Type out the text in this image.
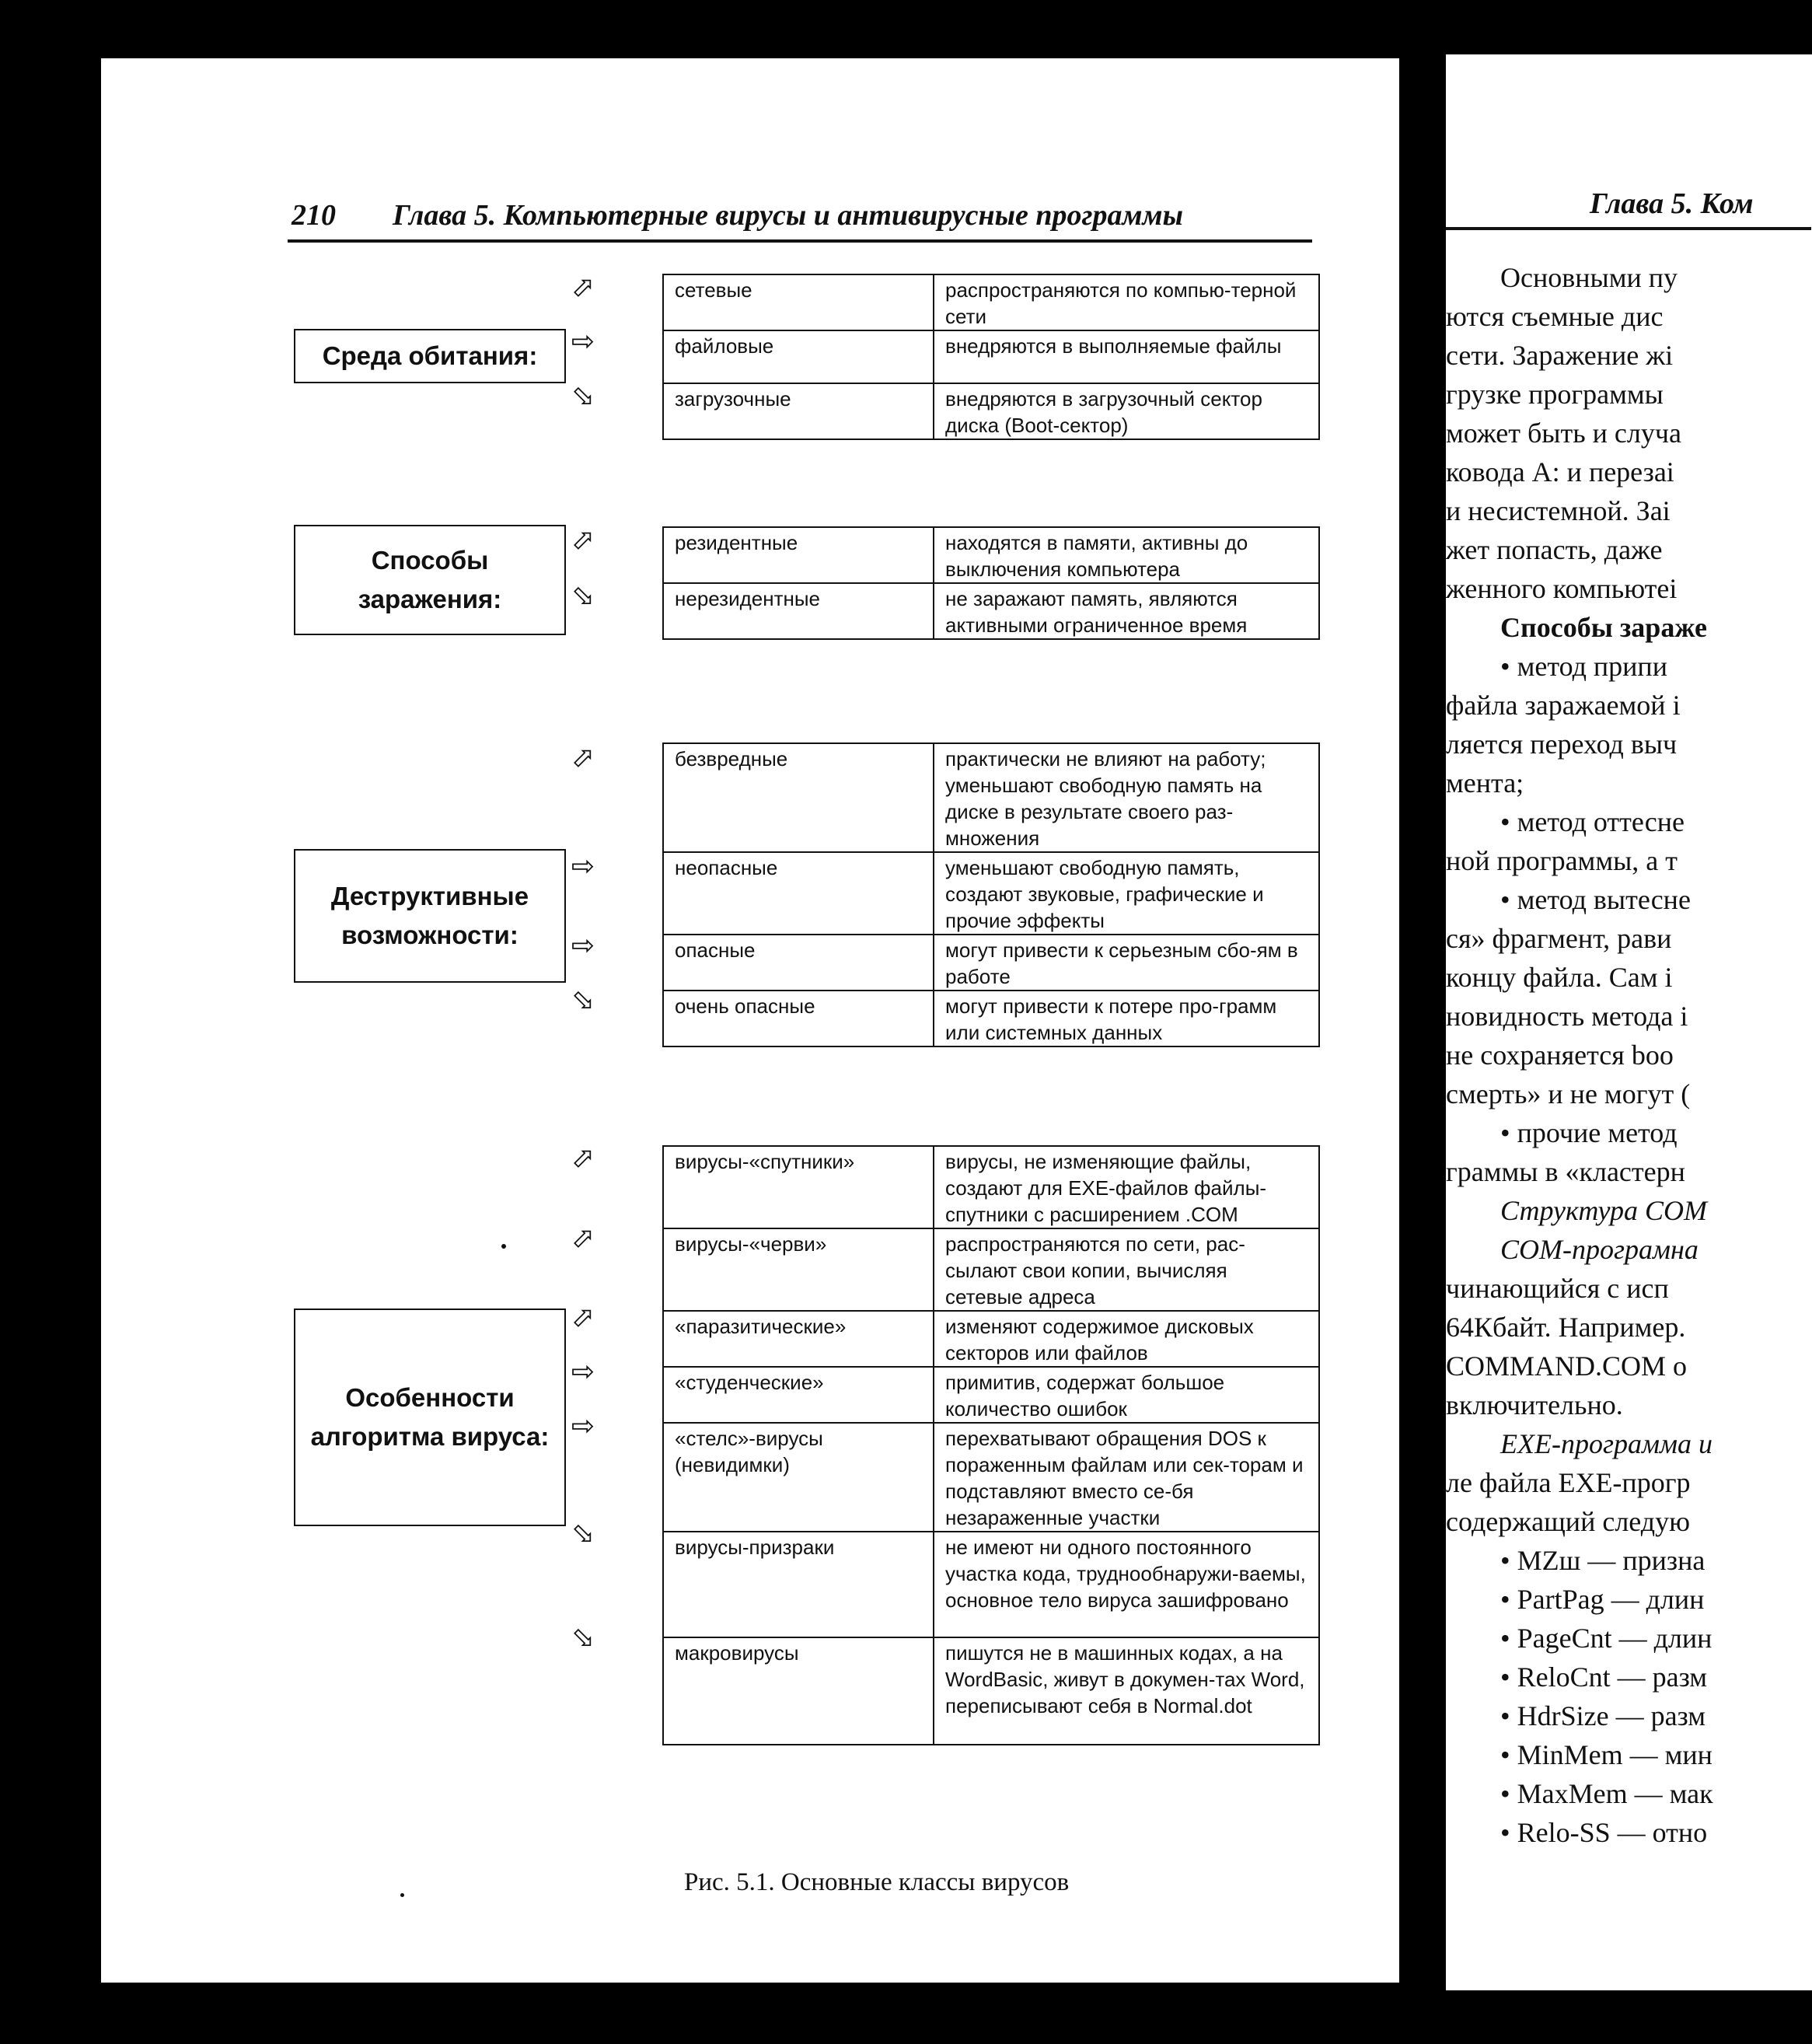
210 Глава 5. Компьютерные вирусы и антивирусные программы
Среда обитания:
⬀
⇨
⬂
сетевые	распространяются по компью-терной сети
файловые	внедряются в выполняемые файлы
загрузочные	внедряются в загрузочный сектор диска (Boot-сектор)
Способы заражения:
⬀
⬂
резидентные	находятся в памяти, активны до выключения компьютера
нерезидентные	не заражают память, являются активными ограниченное время
Деструктивные возможности:
⬀
⇨
⇨
⬂
безвредные	практически не влияют на работу; уменьшают свободную память на диске в результате своего раз-множения
неопасные	уменьшают свободную память, создают звуковые, графические и прочие эффекты
опасные	могут привести к серьезным сбо-ям в работе
очень опасные	могут привести к потере про-грамм или системных данных
Особенности алгоритма вируса:
⬀
⬀
⬀
⇨
⇨
⬂
⬂
вирусы-«спутники»	вирусы, не изменяющие файлы, создают для EXE-файлов файлы-спутники с расширением .COM
вирусы-«черви»	распространяются по сети, рас-сылают свои копии, вычисляя сетевые адреса
«паразитические»	изменяют содержимое дисковых секторов или файлов
«студенческие»	примитив, содержат большое количество ошибок
«стелс»-вирусы (невидимки)	перехватывают обращения DOS к пораженным файлам или сек-торам и подставляют вместо се-бя незараженные участки
вирусы-призраки	не имеют ни одного постоянного участка кода, труднообнаружи-ваемы, основное тело вируса зашифровано
макровирусы	пишутся не в машинных кодах, а на WordBasic, живут в докумен-тах Word, переписывают себя в Normal.dot
Рис. 5.1. Основные классы вирусов
Глава 5. Ком
Основными пу
ются съемные дис
сети. Заражение жі
грузке программы
может быть и случа
ковода A: и перезаі
и несистемной. Заі
жет попасть, даже
женного компьютеі
Способы зараже
• метод припи
файла заражаемой і
ляется переход выч
мента;
• метод оттесне
ной программы, а т
• метод вытесне
ся» фрагмент, рави
концу файла. Сам і
новидность метода і
не сохраняется boo
смерть» и не могут (
• прочие метод
граммы в «кластерн
Структура COM
COM-програмна
чинающийся с исп
64Кбайт. Например.
COMMAND.COM о
включительно.
EXE-программа и
ле файла EXE-прогр
содержащий следую
• MZш — призна
• PartPag — длин
• PageCnt — длин
• ReloCnt — разм
• HdrSize — разм
• MinMem — мин
• MaxMem — мак
• Relo-SS — отно
